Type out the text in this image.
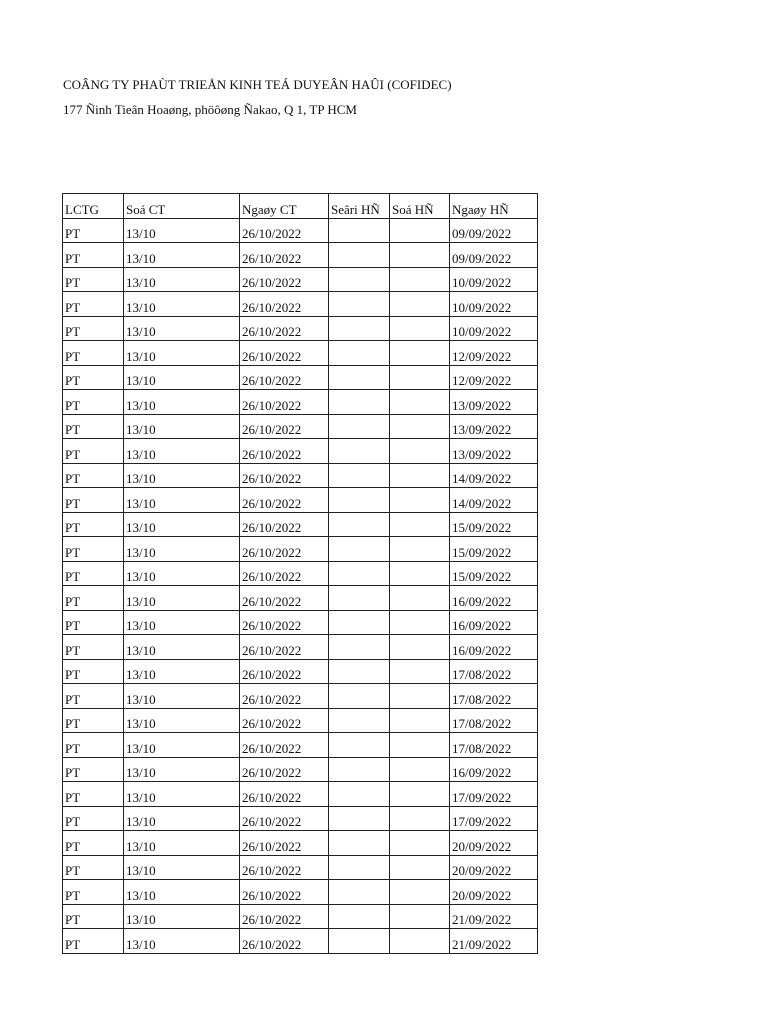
COÂNG TY PHAÙT TRIEÅN KINH TEÁ DUYEÂN HAÛI (COFIDEC)
177 Ñinh Tieân Hoaøng, phöôøng Ñakao, Q 1, TP HCM
LCTG	Soá CT	Ngaøy CT	Seâri HÑ	Soá HÑ	Ngaøy HÑ
PT	13/10	26/10/2022			09/09/2022
PT	13/10	26/10/2022			09/09/2022
PT	13/10	26/10/2022			10/09/2022
PT	13/10	26/10/2022			10/09/2022
PT	13/10	26/10/2022			10/09/2022
PT	13/10	26/10/2022			12/09/2022
PT	13/10	26/10/2022			12/09/2022
PT	13/10	26/10/2022			13/09/2022
PT	13/10	26/10/2022			13/09/2022
PT	13/10	26/10/2022			13/09/2022
PT	13/10	26/10/2022			14/09/2022
PT	13/10	26/10/2022			14/09/2022
PT	13/10	26/10/2022			15/09/2022
PT	13/10	26/10/2022			15/09/2022
PT	13/10	26/10/2022			15/09/2022
PT	13/10	26/10/2022			16/09/2022
PT	13/10	26/10/2022			16/09/2022
PT	13/10	26/10/2022			16/09/2022
PT	13/10	26/10/2022			17/08/2022
PT	13/10	26/10/2022			17/08/2022
PT	13/10	26/10/2022			17/08/2022
PT	13/10	26/10/2022			17/08/2022
PT	13/10	26/10/2022			16/09/2022
PT	13/10	26/10/2022			17/09/2022
PT	13/10	26/10/2022			17/09/2022
PT	13/10	26/10/2022			20/09/2022
PT	13/10	26/10/2022			20/09/2022
PT	13/10	26/10/2022			20/09/2022
PT	13/10	26/10/2022			21/09/2022
PT	13/10	26/10/2022			21/09/2022
